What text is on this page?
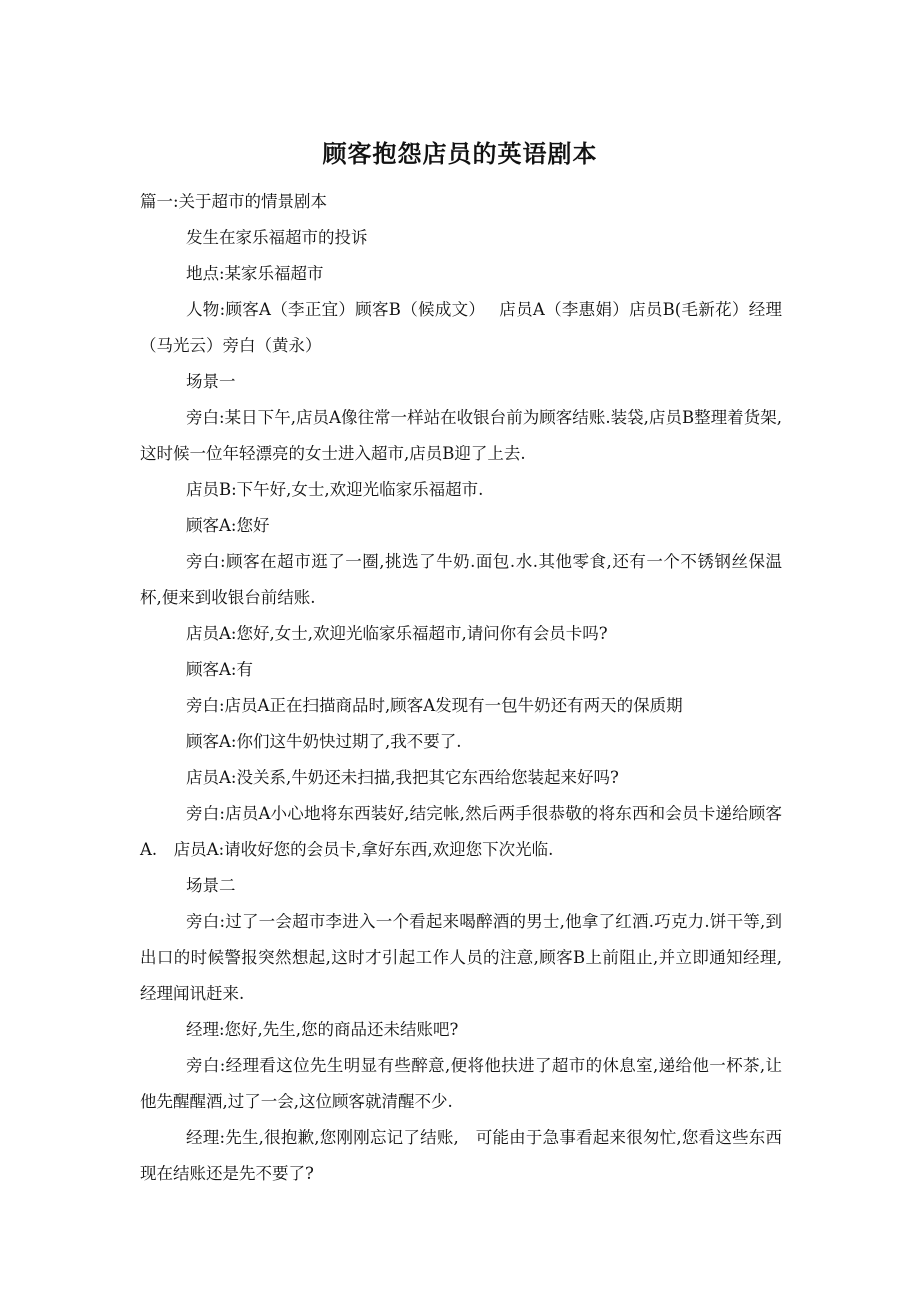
顾客抱怨店员的英语剧本

篇一:关于超市的情景剧本

发生在家乐福超市的投诉

地点:某家乐福超市

人物:顾客A（李正宜）顾客B（候成文）　 店员A（李惠娟）店员B(毛新花）经理（马光云）旁白（黄永）

场景一

旁白:某日下午,店员A像往常一样站在收银台前为顾客结账.装袋,店员B整理着货架,这时候一位年轻漂亮的女士进入超市,店员B迎了上去.

店员B:下午好,女士,欢迎光临家乐福超市.

顾客A:您好

旁白:顾客在超市逛了一圈,挑选了牛奶.面包.水.其他零食,还有一个不锈钢丝保温杯,便来到收银台前结账.

店员A:您好,女士,欢迎光临家乐福超市,请问你有会员卡吗?

顾客A:有

旁白:店员A正在扫描商品时,顾客A发现有一包牛奶还有两天的保质期

顾客A:你们这牛奶快过期了,我不要了.

店员A:没关系,牛奶还未扫描,我把其它东西给您装起来好吗?

旁白:店员A小心地将东西装好,结完帐,然后两手很恭敬的将东西和会员卡递给顾客A.　店员A:请收好您的会员卡,拿好东西,欢迎您下次光临.

场景二

旁白:过了一会超市李进入一个看起来喝醉酒的男士,他拿了红酒.巧克力.饼干等,到出口的时候警报突然想起,这时才引起工作人员的注意,顾客B上前阻止,并立即通知经理,经理闻讯赶来.

经理:您好,先生,您的商品还未结账吧?

旁白:经理看这位先生明显有些醉意,便将他扶进了超市的休息室,递给他一杯茶,让他先醒醒酒,过了一会,这位顾客就清醒不少.

经理:先生,很抱歉,您刚刚忘记了结账,　可能由于急事看起来很匆忙,您看这些东西现在结账还是先不要了?
